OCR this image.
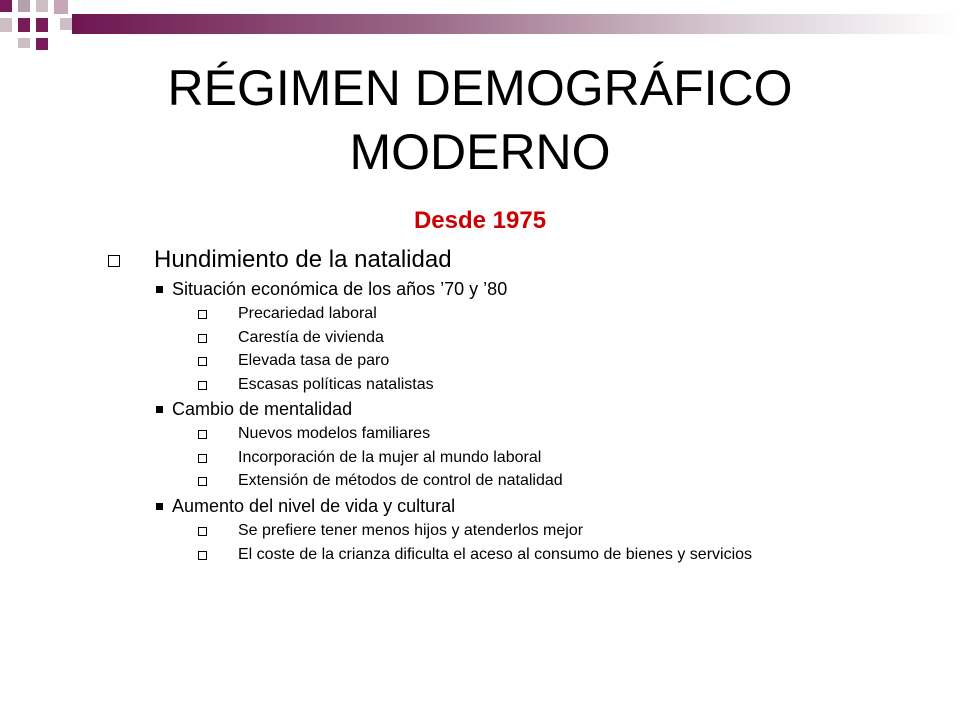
RÉGIMEN DEMOGRÁFICO
MODERNO
Desde 1975
Hundimiento de la natalidad
Situación económica de los años ’70 y ’80
Precariedad laboral
Carestía de vivienda
Elevada tasa de paro
Escasas políticas natalistas
Cambio de mentalidad
Nuevos modelos familiares
Incorporación de la mujer al mundo laboral
Extensión de métodos de control de natalidad
Aumento del nivel de vida y cultural
Se prefiere tener menos hijos y atenderlos mejor
El coste de la crianza dificulta el aceso al consumo de bienes y servicios
